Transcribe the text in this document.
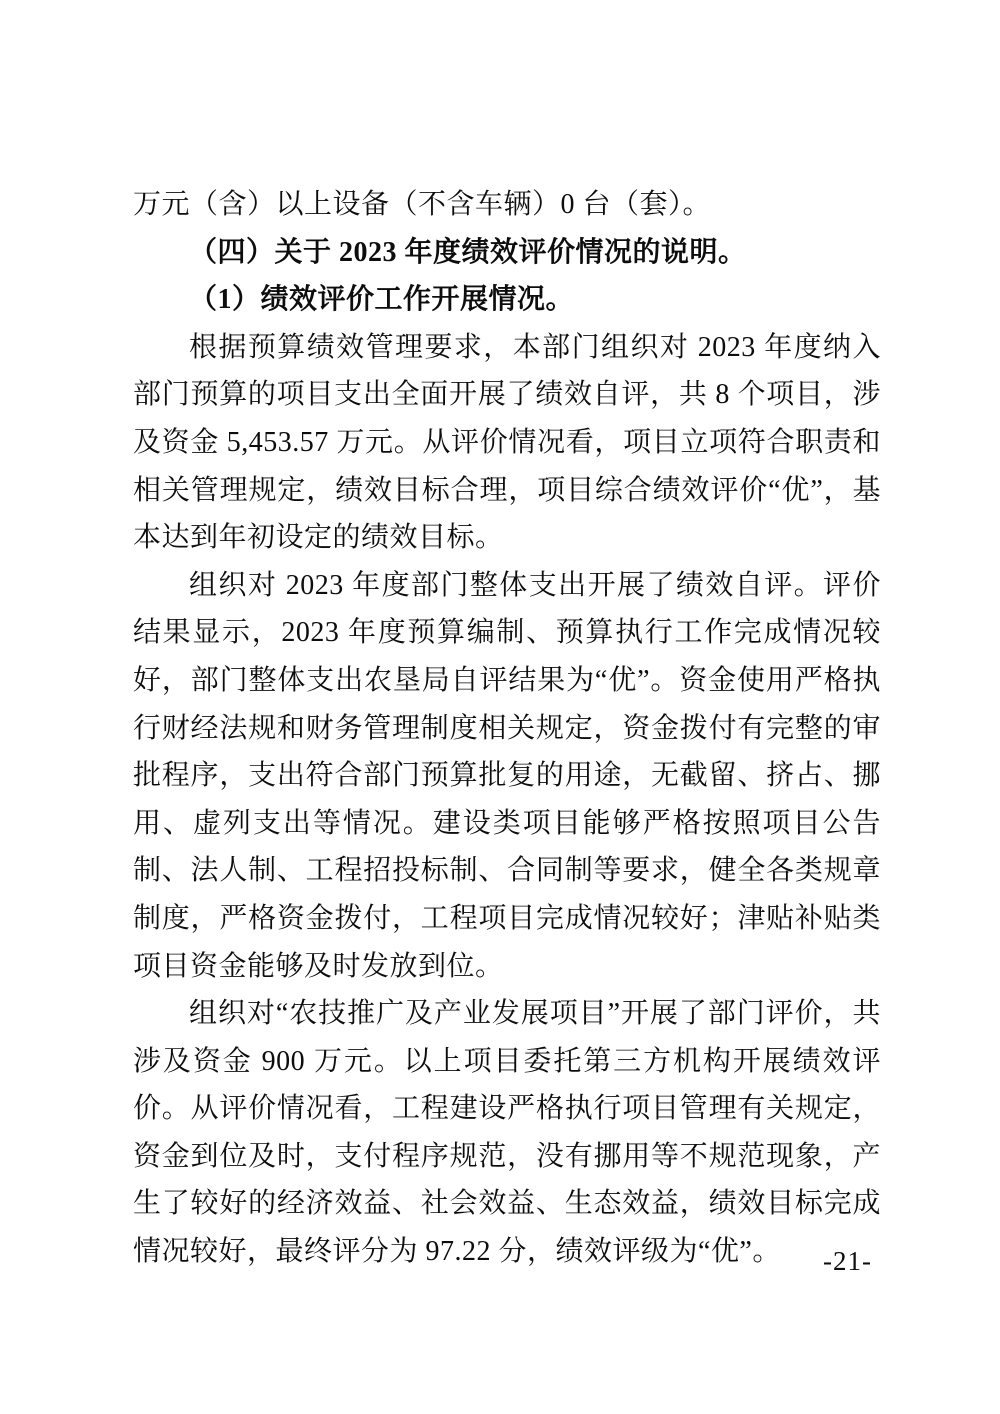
万元（含）以上设备（不含车辆）0 台（套）。

（四）关于 2023 年度绩效评价情况的说明。

（1）绩效评价工作开展情况。

根据预算绩效管理要求，本部门组织对 2023 年度纳入部门预算的项目支出全面开展了绩效自评，共 8 个项目，涉及资金 5,453.57 万元。从评价情况看，项目立项符合职责和相关管理规定，绩效目标合理，项目综合绩效评价“优”，基本达到年初设定的绩效目标。

组织对 2023 年度部门整体支出开展了绩效自评。评价结果显示，2023 年度预算编制、预算执行工作完成情况较好，部门整体支出农垦局自评结果为“优”。资金使用严格执行财经法规和财务管理制度相关规定，资金拨付有完整的审批程序，支出符合部门预算批复的用途，无截留、挤占、挪用、虚列支出等情况。建设类项目能够严格按照项目公告制、法人制、工程招投标制、合同制等要求，健全各类规章制度，严格资金拨付，工程项目完成情况较好；津贴补贴类项目资金能够及时发放到位。

组织对“农技推广及产业发展项目”开展了部门评价，共涉及资金 900 万元。以上项目委托第三方机构开展绩效评价。从评价情况看，工程建设严格执行项目管理有关规定，资金到位及时，支付程序规范，没有挪用等不规范现象，产生了较好的经济效益、社会效益、生态效益，绩效目标完成情况较好，最终评分为 97.22 分，绩效评级为“优”。	-21-
